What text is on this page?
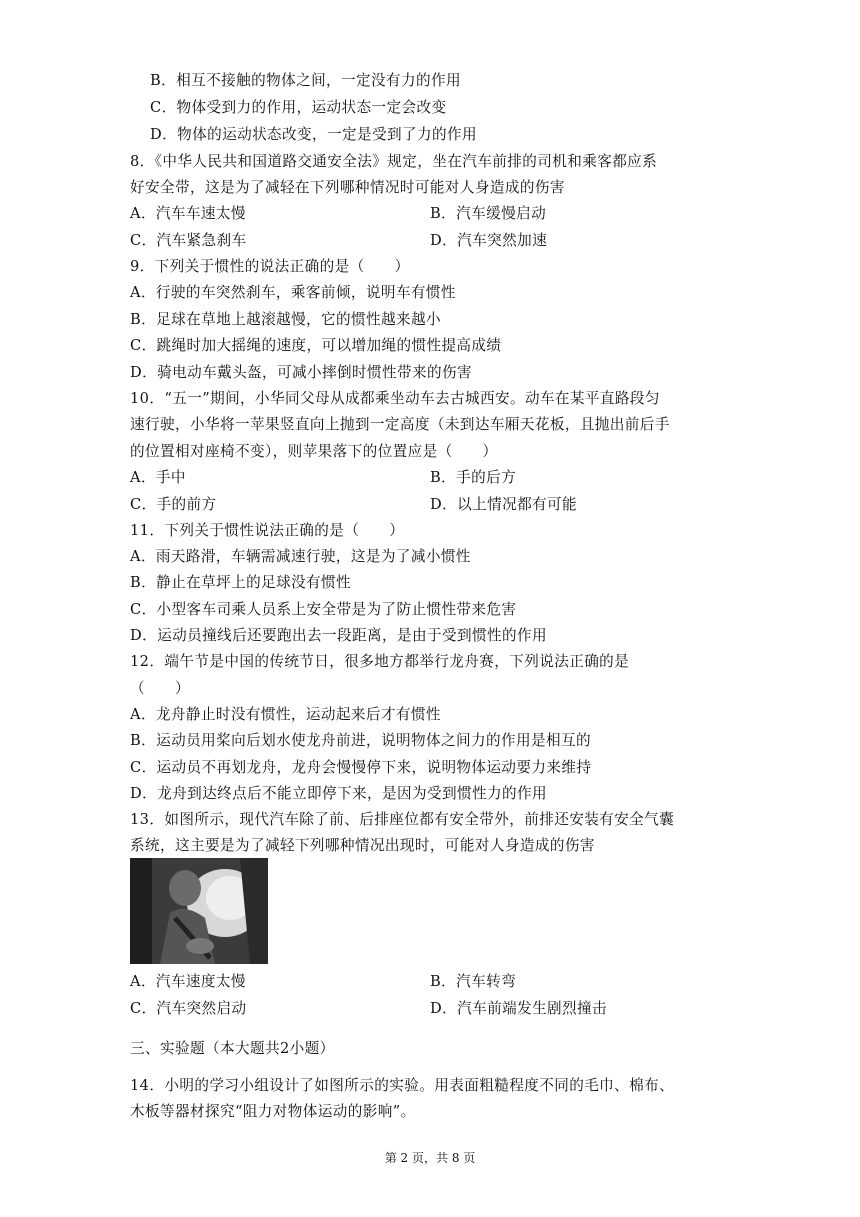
B．相互不接触的物体之间，一定没有力的作用
C．物体受到力的作用，运动状态一定会改变
D．物体的运动状态改变，一定是受到了力的作用
8．《中华人民共和国道路交通安全法》规定，坐在汽车前排的司机和乘客都应系
好安全带，这是为了减轻在下列哪种情况时可能对人身造成的伤害
A．汽车车速太慢	B．汽车缓慢启动
C．汽车紧急刹车	D．汽车突然加速
9．下列关于惯性的说法正确的是（　　）
A．行驶的车突然刹车，乘客前倾，说明车有惯性
B．足球在草地上越滚越慢，它的惯性越来越小
C．跳绳时加大摇绳的速度，可以增加绳的惯性提高成绩
D．骑电动车戴头盔，可减小摔倒时惯性带来的伤害
10．“五一”期间，小华同父母从成都乘坐动车去古城西安。动车在某平直路段匀
速行驶，小华将一苹果竖直向上抛到一定高度（未到达车厢天花板，且抛出前后手
的位置相对座椅不变），则苹果落下的位置应是（　　）
A．手中	B．手的后方
C．手的前方	D．以上情况都有可能
11．下列关于惯性说法正确的是（　　）
A．雨天路滑，车辆需减速行驶，这是为了减小惯性
B．静止在草坪上的足球没有惯性
C．小型客车司乘人员系上安全带是为了防止惯性带来危害
D．运动员撞线后还要跑出去一段距离，是由于受到惯性的作用
12．端午节是中国的传统节日，很多地方都举行龙舟赛，下列说法正确的是
（　　）
A．龙舟静止时没有惯性，运动起来后才有惯性
B．运动员用桨向后划水使龙舟前进，说明物体之间力的作用是相互的
C．运动员不再划龙舟，龙舟会慢慢停下来，说明物体运动要力来维持
D．龙舟到达终点后不能立即停下来，是因为受到惯性力的作用
13．如图所示，现代汽车除了前、后排座位都有安全带外，前排还安装有安全气囊
系统，这主要是为了减轻下列哪种情况出现时，可能对人身造成的伤害
A．汽车速度太慢	B．汽车转弯
C．汽车突然启动	D．汽车前端发生剧烈撞击
三、实验题（本大题共2小题）
14．小明的学习小组设计了如图所示的实验。用表面粗糙程度不同的毛巾、棉布、
木板等器材探究“阻力对物体运动的影响”。
第 2 页，共 8 页
